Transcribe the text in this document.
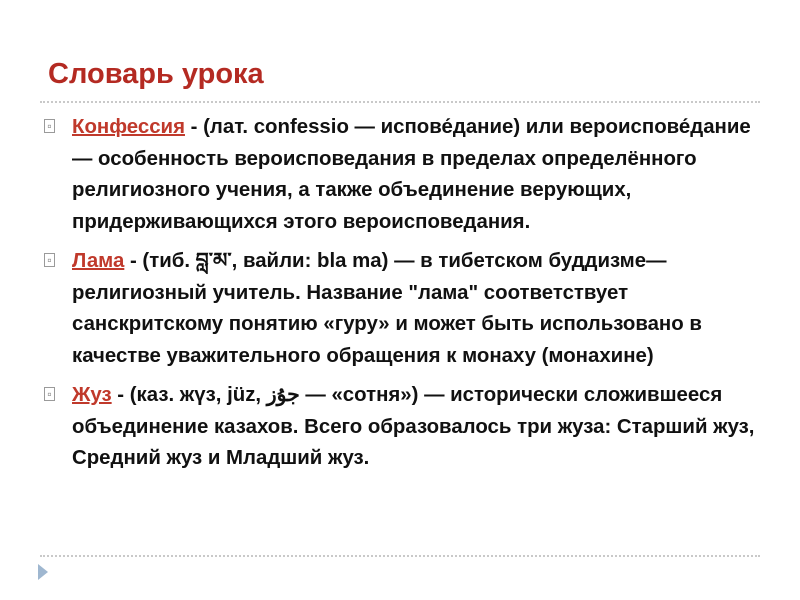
Словарь урока
▫ Конфессия - (лат. confessio — испове́дание) или вероиспове́дание — особенность вероисповедания в пределах определённого религиозного учения, а также объединение верующих, придерживающихся этого вероисповедания.
▫ Лама - (тиб. བླ་མ་, вайли: bla ma) — в тибетском буддизме— религиозный учитель. Название "лама" соответствует санскритскому понятию «гуру» и может быть использовано в качестве уважительного обращения к монаху (монахине)
▫ Жуз - (каз. жүз, jüz, جۇز — «сотня») — исторически сложившееся объединение казахов. Всего образовалось три жуза: Старший жуз, Средний жуз и Младший жуз.
